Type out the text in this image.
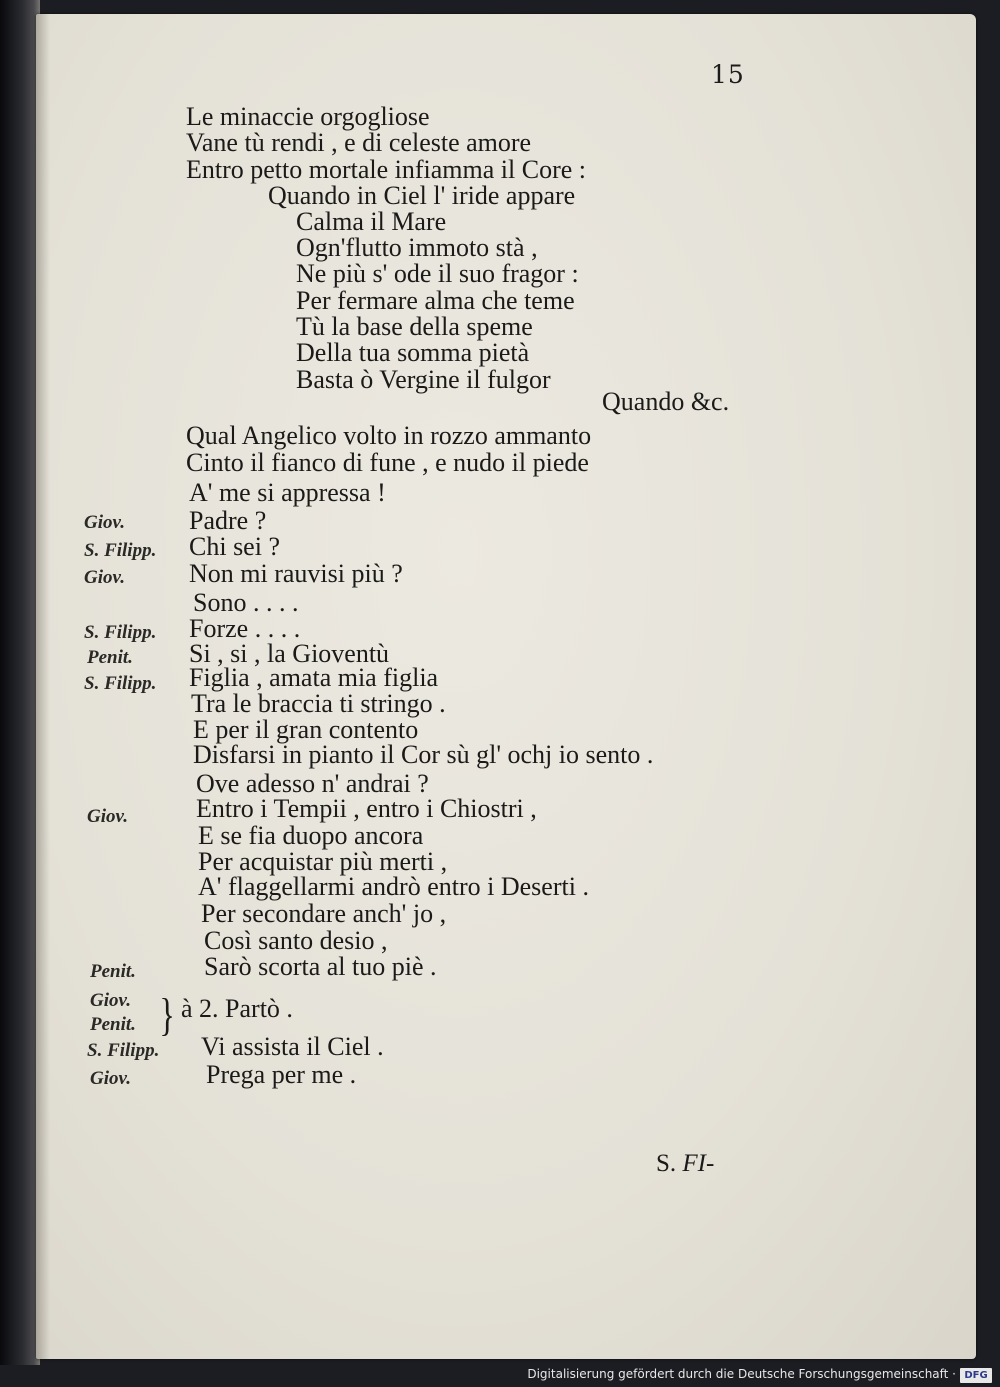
15
Le minaccie orgogliose
Vane tù rendi , e di celeste amore
Entro petto mortale infiamma il Core :
Quando in Ciel l' iride appare
Calma il Mare
Ogn'flutto immoto stà ,
Ne più s' ode il suo fragor :
Per fermare alma che teme
Tù la base della speme
Della tua somma pietà
Basta ò Vergine il fulgor
Quando &c.
Qual Angelico volto in rozzo ammanto
Cinto il fianco di fune , e nudo il piede
A' me si appressa !
Padre ?
Chi sei ?
Non mi rauvisi più ?
Sono . . . .
Forze . . . .
Si , si , la Gioventù
Figlia , amata mia figlia
Tra le braccia ti stringo .
E per il gran contento
Disfarsi in pianto il Cor sù gl' ochj io sento .
Ove adesso n' andrai ?
Entro i Tempii , entro i Chiostri ,
E se fia duopo ancora
Per acquistar più merti ,
A' flaggellarmi andrò entro i Deserti .
Per secondare anch' jo ,
Così santo desio ,
Sarò scorta al tuo piè .
à 2. Partò .
Vi assista il Ciel .
Prega per me .
Giov.
S. Filipp.
Giov.
S. Filipp.
Penit.
S. Filipp.
Giov.
Penit.
Giov.
Penit.
S. Filipp.
Giov.
}
S. FI-
Digitalisierung gefördert durch die Deutsche Forschungsgemeinschaft · DFG
